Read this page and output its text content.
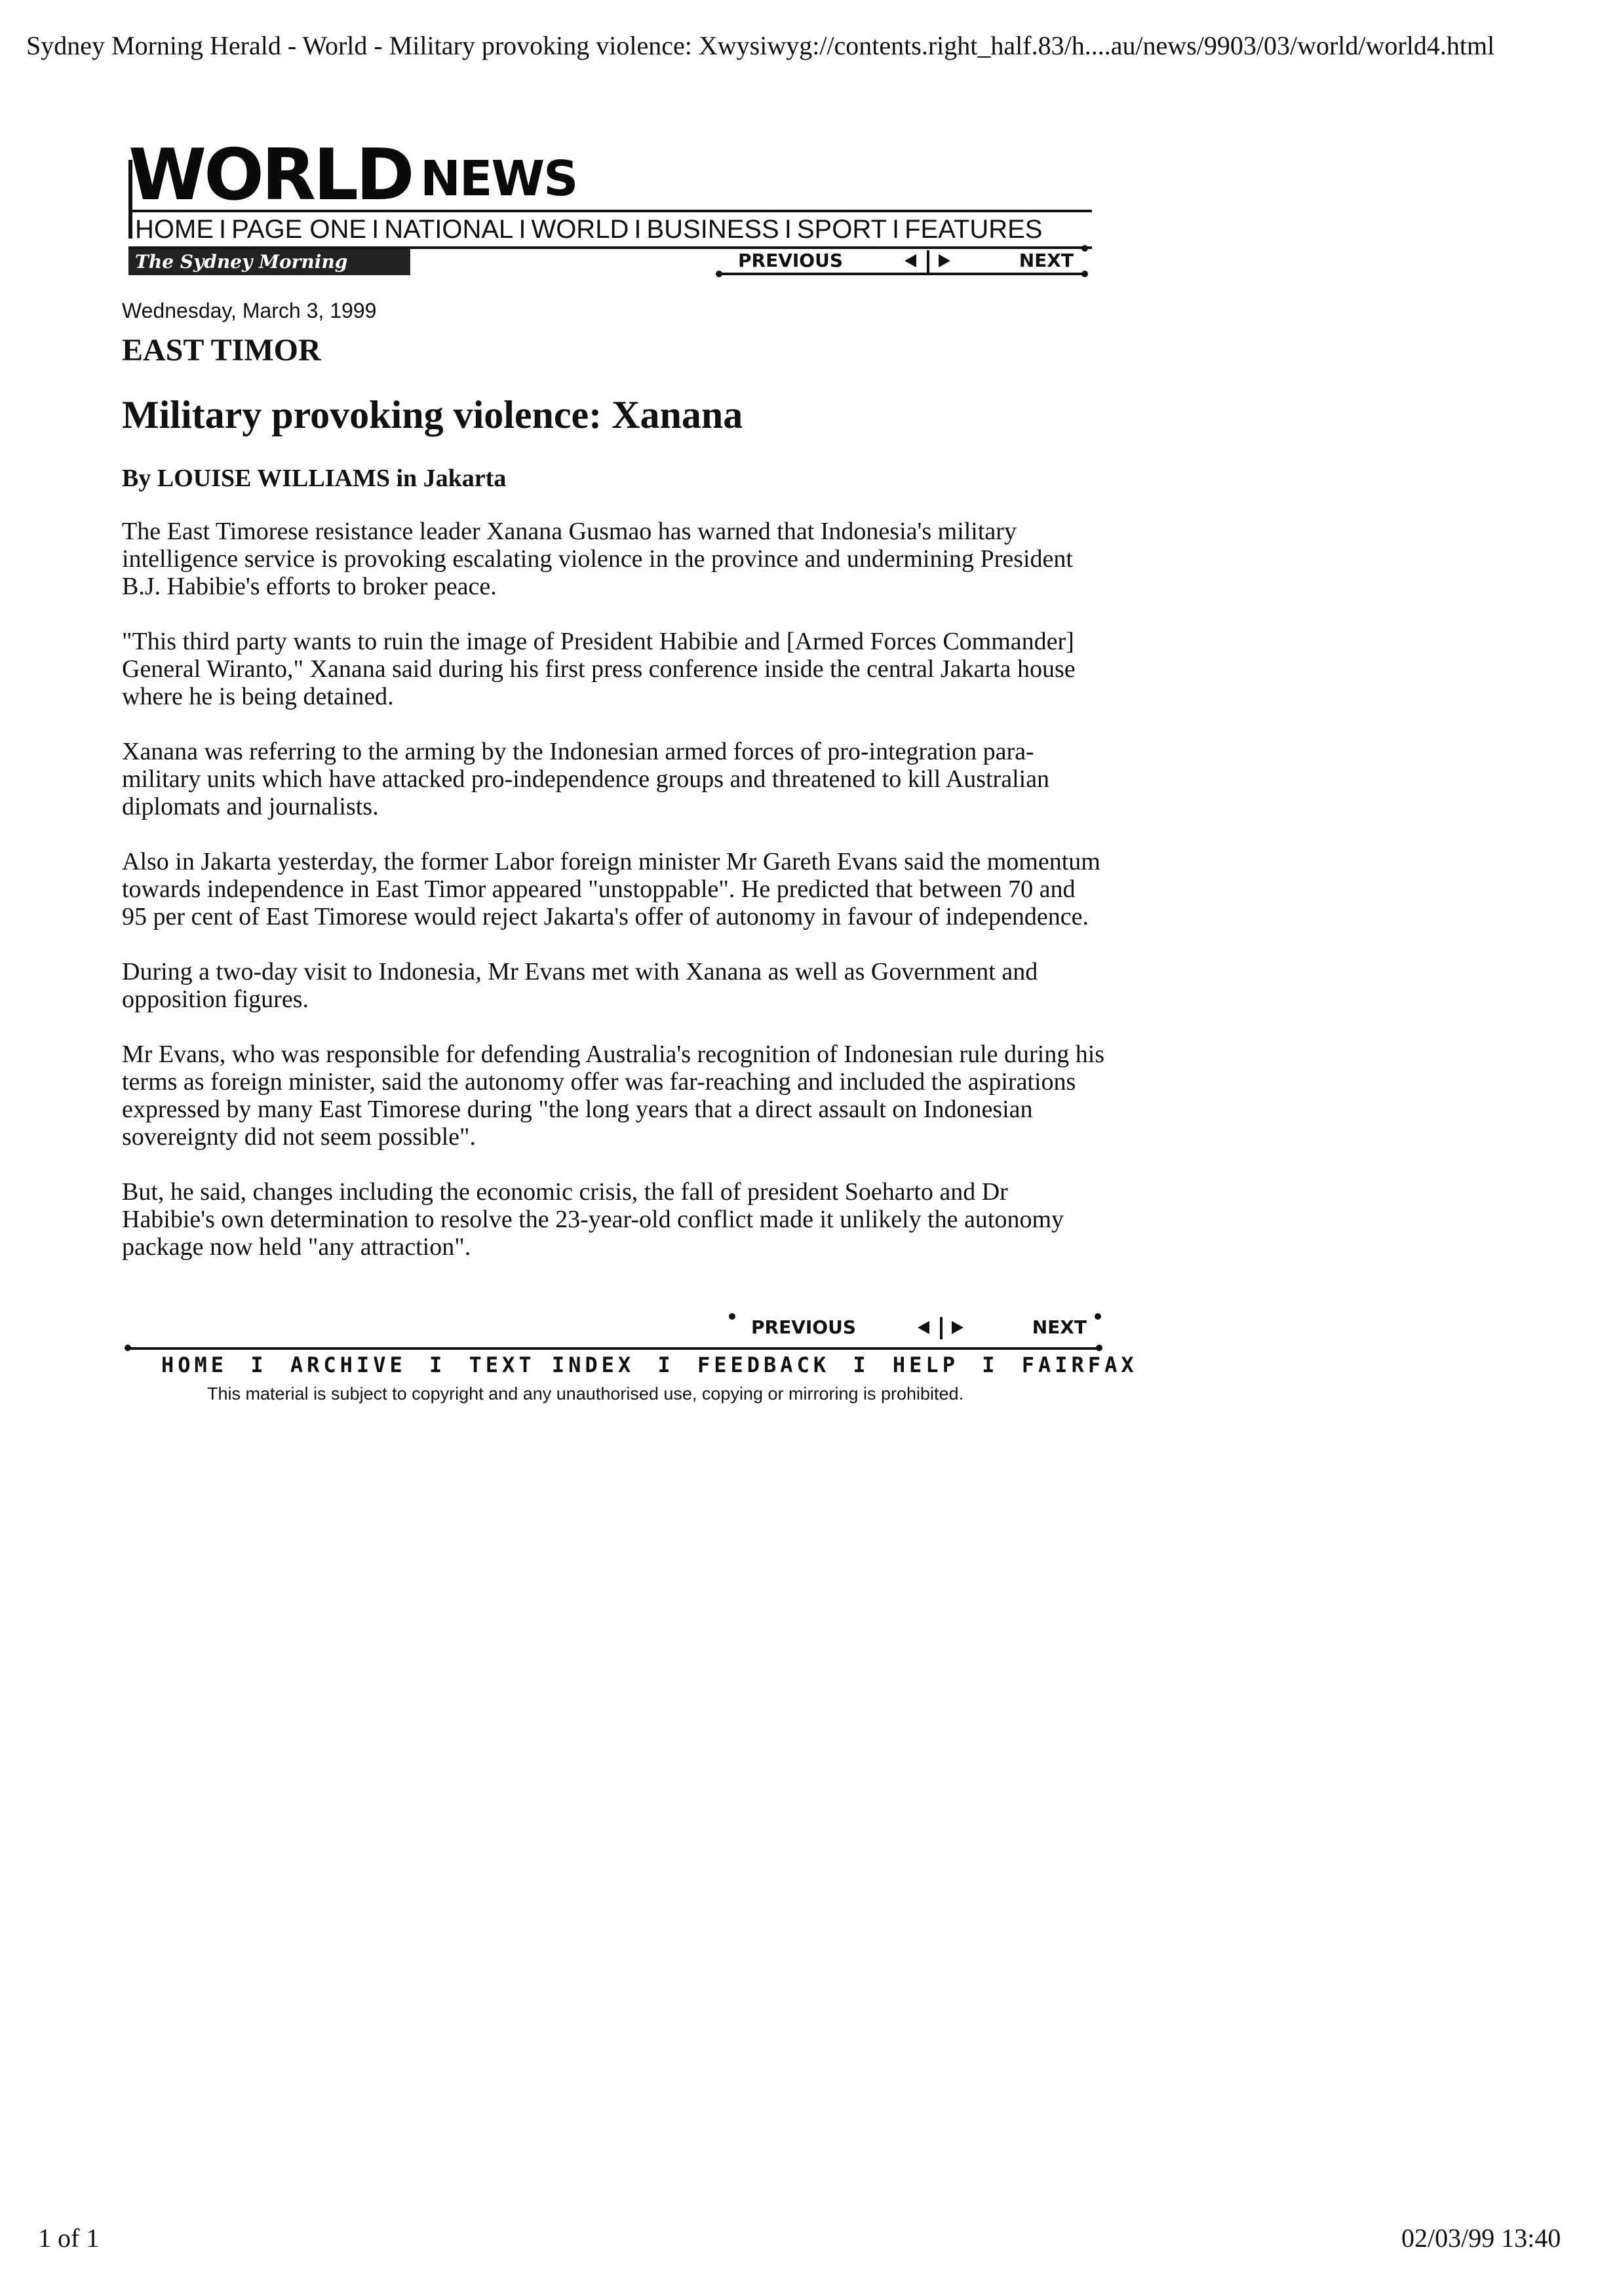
Sydney Morning Herald - World - Military provoking violence: Xwysiwyg://contents.right_half.83/h....au/news/9903/03/world/world4.html
WORLD NEWS
HOME I PAGE ONE I NATIONAL I WORLD I BUSINESS I SPORT I FEATURES
The Sydney Morning Herald
PREVIOUS	NEXT
Wednesday, March 3, 1999
EAST TIMOR
Military provoking violence: Xanana
By LOUISE WILLIAMS in Jakarta

The East Timorese resistance leader Xanana Gusmao has warned that Indonesia's military intelligence service is provoking escalating violence in the province and undermining President B.J. Habibie's efforts to broker peace.

"This third party wants to ruin the image of President Habibie and [Armed Forces Commander] General Wiranto," Xanana said during his first press conference inside the central Jakarta house where he is being detained.

Xanana was referring to the arming by the Indonesian armed forces of pro-integration para- military units which have attacked pro-independence groups and threatened to kill Australian diplomats and journalists.

Also in Jakarta yesterday, the former Labor foreign minister Mr Gareth Evans said the momentum towards independence in East Timor appeared "unstoppable". He predicted that between 70 and 95 per cent of East Timorese would reject Jakarta's offer of autonomy in favour of independence.

During a two-day visit to Indonesia, Mr Evans met with Xanana as well as Government and opposition figures.

Mr Evans, who was responsible for defending Australia's recognition of Indonesian rule during his terms as foreign minister, said the autonomy offer was far-reaching and included the aspirations expressed by many East Timorese during "the long years that a direct assault on Indonesian sovereignty did not seem possible".

But, he said, changes including the economic crisis, the fall of president Soeharto and Dr Habibie's own determination to resolve the 23-year-old conflict made it unlikely the autonomy package now held "any attraction".

PREVIOUS	NEXT
HOME I ARCHIVE I TEXT INDEX I FEEDBACK I HELP I FAIRFAX
This material is subject to copyright and any unauthorised use, copying or mirroring is prohibited.
1 of 1	02/03/99 13:40
